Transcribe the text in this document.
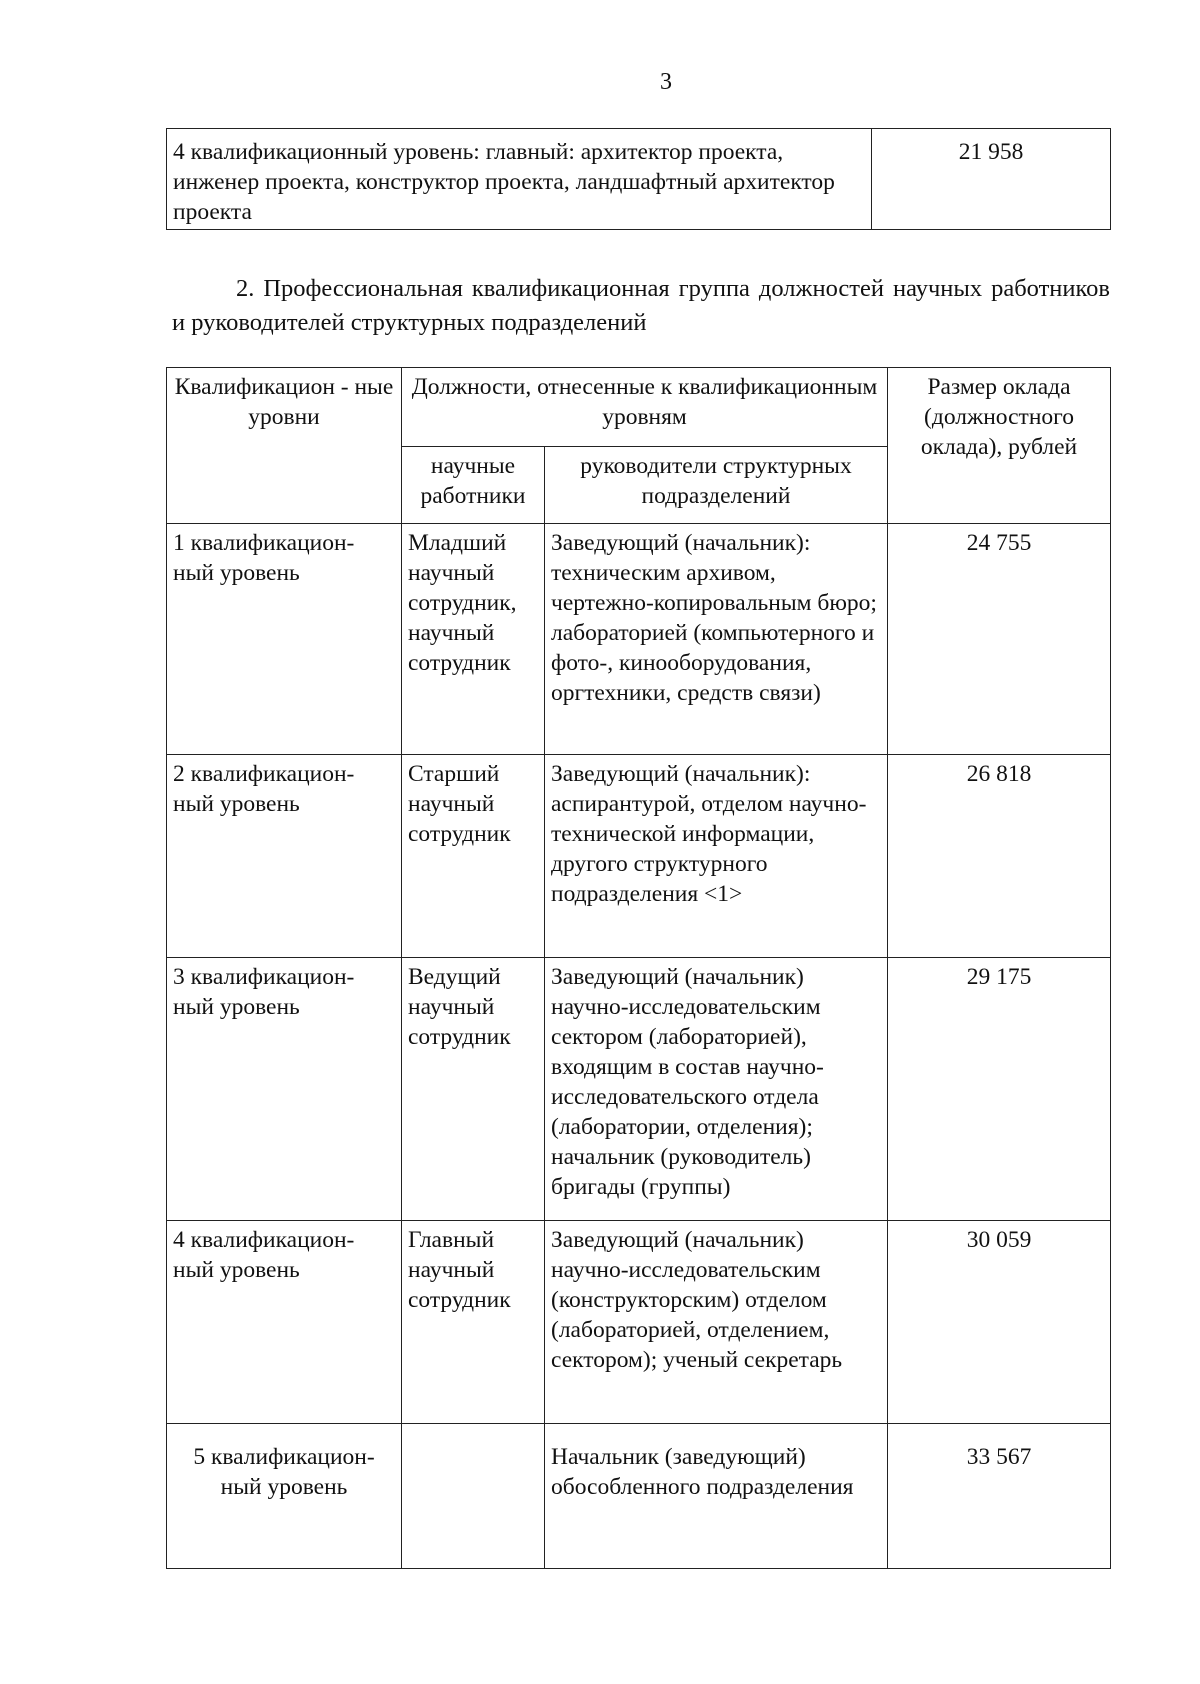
3
4 квалификационный уровень: главный: архитектор проекта, инженер проекта, конструктор проекта, ландшафтный архитектор проекта	21 958
2. Профессиональная квалификационная группа должностей научных работников и руководителей структурных подразделений
Квалификацион - ные уровни	Должности, отнесенные к квалификационным уровням		Размер оклада (должностного оклада), рублей
	научные работники	руководители структурных подразделений	
1 квалификацион-ный уровень	Младший научный сотрудник, научный сотрудник	Заведующий (начальник): техническим архивом, чертежно-копировальным бюро; лабораторией (компьютерного и фото-, кинооборудования, оргтехники, средств связи)	24 755
2 квалификацион-ный уровень	Старший научный сотрудник	Заведующий (начальник): аспирантурой, отделом научно-технической информации, другого структурного подразделения <1>	26 818
3 квалификацион-ный уровень	Ведущий научный сотрудник	Заведующий (начальник) научно-исследовательским сектором (лабораторией), входящим в состав научно-исследовательского отдела (лаборатории, отделения); начальник (руководитель) бригады (группы)	29 175
4 квалификацион-ный уровень	Главный научный сотрудник	Заведующий (начальник) научно-исследовательским (конструкторским) отделом (лабораторией, отделением, сектором); ученый секретарь	30 059
5 квалификацион-ный уровень		Начальник (заведующий) обособленного подразделения	33 567
